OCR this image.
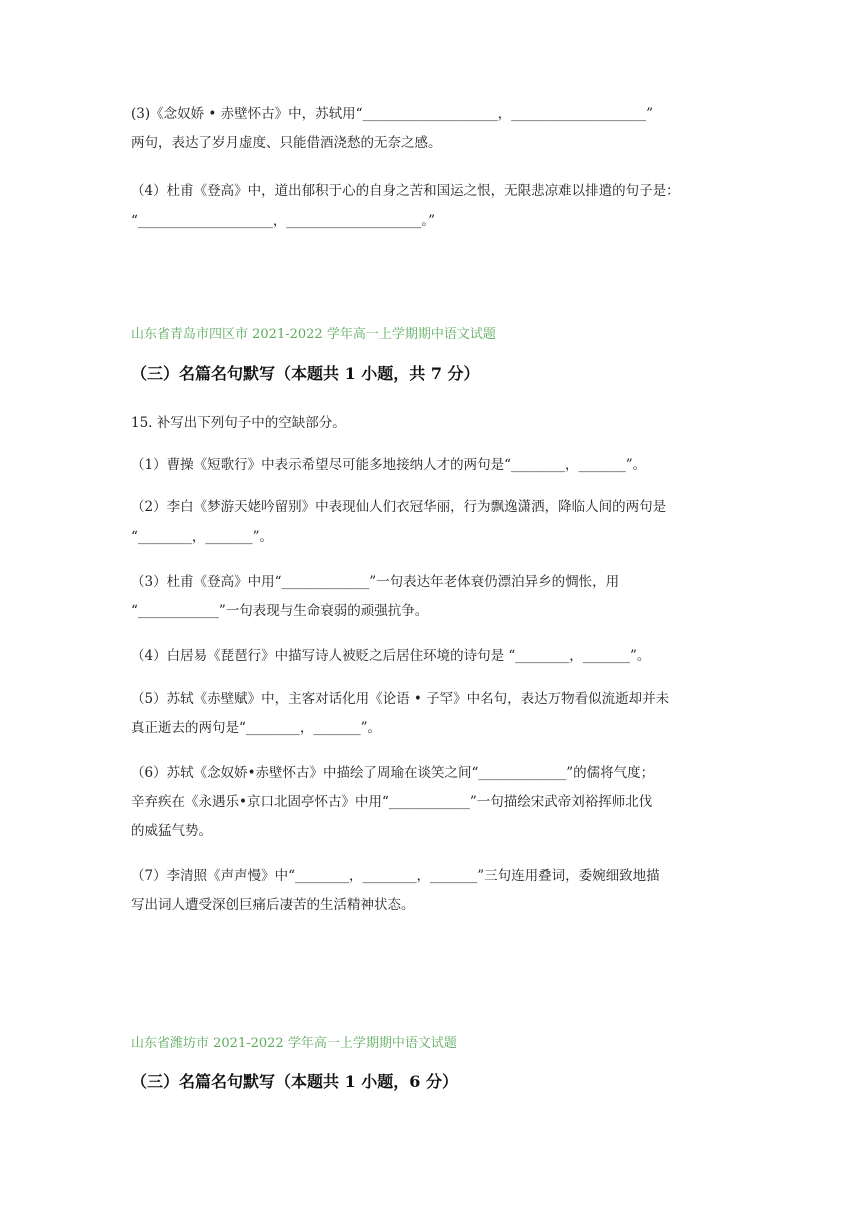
(3)《念奴娇 • 赤壁怀古》中，苏轼用“____________________，____________________”
两句，表达了岁月虚度、只能借酒浇愁的无奈之感。
（4）杜甫《登高》中，道出郁积于心的自身之苦和国运之恨，无限悲凉难以排遣的句子是：
“____________________，____________________。”
山东省青岛市四区市 2021-2022 学年高一上学期期中语文试题
（三）名篇名句默写（本题共 1 小题，共 7 分）
15. 补写出下列句子中的空缺部分。
（1）曹操《短歌行》中表示希望尽可能多地接纳人才的两句是“________，_______”。
（2）李白《梦游天姥吟留别》中表现仙人们衣冠华丽，行为飘逸潇洒，降临人间的两句是
“________，_______”。
（3）杜甫《登高》中用“_____________”一句表达年老体衰仍漂泊异乡的惆怅，用
“____________”一句表现与生命衰弱的顽强抗争。
（4）白居易《琵琶行》中描写诗人被贬之后居住环境的诗句是 “________，_______”。
（5）苏轼《赤壁赋》中，主客对话化用《论语 • 子罕》中名句，表达万物看似流逝却并未
真正逝去的两句是“________，_______”。
（6）苏轼《念奴娇•赤壁怀古》中描绘了周瑜在谈笑之间“_____________”的儒将气度；
辛弃疾在《永遇乐•京口北固亭怀古》中用“____________”一句描绘宋武帝刘裕挥师北伐
的威猛气势。
（7）李清照《声声慢》中“________，________，_______”三句连用叠词，委婉细致地描
写出词人遭受深创巨痛后凄苦的生活精神状态。
山东省潍坊市 2021-2022 学年高一上学期期中语文试题
（三）名篇名句默写（本题共 1 小题，6 分）
